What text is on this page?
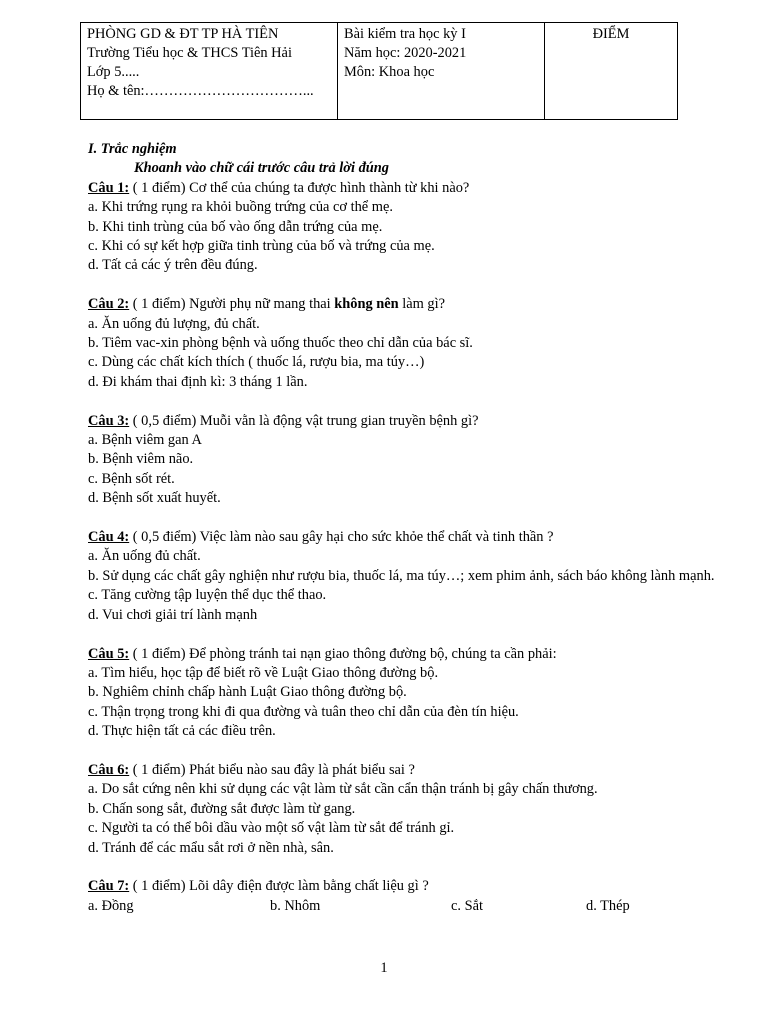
PHÒNG GD & ĐT TP HÀ TIÊN
Trường Tiểu học & THCS Tiên Hải
Lớp 5.....
Họ & tên:……………………………...

Bài kiểm tra học kỳ I
Năm học: 2020-2021
Môn: Khoa học

ĐIỂM
I. Trắc nghiệm
Khoanh vào chữ cái trước câu trả lời đúng
Câu 1: ( 1 điểm) Cơ thể của chúng ta được hình thành từ khi nào?
a. Khi trứng rụng ra khỏi buồng trứng của cơ thể mẹ.
b. Khi tinh trùng của bố vào ống dẫn trứng của mẹ.
c. Khi có sự kết hợp giữa tinh trùng của bố và trứng của mẹ.
d. Tất cả các ý trên đều đúng.
Câu 2: ( 1 điểm) Người phụ nữ mang thai không nên làm gì?
a. Ăn uống đủ lượng, đủ chất.
b. Tiêm vac-xin phòng bệnh và uống thuốc theo chỉ dẫn của bác sĩ.
c. Dùng các chất kích thích ( thuốc lá, rượu bia, ma túy…)
d. Đi khám thai định kì: 3 tháng 1 lần.
Câu 3: ( 0,5 điểm) Muỗi vằn là động vật trung gian truyền bệnh gì?
a. Bệnh viêm gan A
b. Bệnh viêm não.
c. Bệnh sốt rét.
d. Bệnh sốt xuất huyết.
Câu 4: ( 0,5 điểm) Việc làm nào sau gây hại cho sức khỏe thể chất và tinh thần ?
a. Ăn uống đủ chất.
b. Sử dụng các chất gây nghiện như rượu bia, thuốc lá, ma túy…; xem phim ảnh, sách báo không lành mạnh.
c. Tăng cường tập luyện thể dục thể thao.
d. Vui chơi giải trí lành mạnh
Câu 5: ( 1 điểm) Để phòng tránh tai nạn giao thông đường bộ, chúng ta cần phải:
a. Tìm hiểu, học tập để biết rõ về Luật Giao thông đường bộ.
b. Nghiêm chỉnh chấp hành Luật Giao thông đường bộ.
c. Thận trọng trong khi đi qua đường và tuân theo chỉ dẫn của đèn tín hiệu.
d. Thực hiện tất cả các điều trên.
Câu 6: ( 1 điểm) Phát biểu nào sau đây là phát biểu sai ?
a. Do sắt cứng nên khi sử dụng các vật làm từ sắt cần cẩn thận tránh bị gây chấn thương.
b. Chấn song sắt, đường sắt được làm từ gang.
c. Người ta có thể bôi dầu vào một số vật làm từ sắt để tránh gỉ.
d. Tránh để các mẩu sắt rơi ở nền nhà, sân.
Câu 7: ( 1 điểm) Lõi dây điện được làm bằng chất liệu gì ?
a. Đồng	b. Nhôm	c. Sắt	d. Thép
1
